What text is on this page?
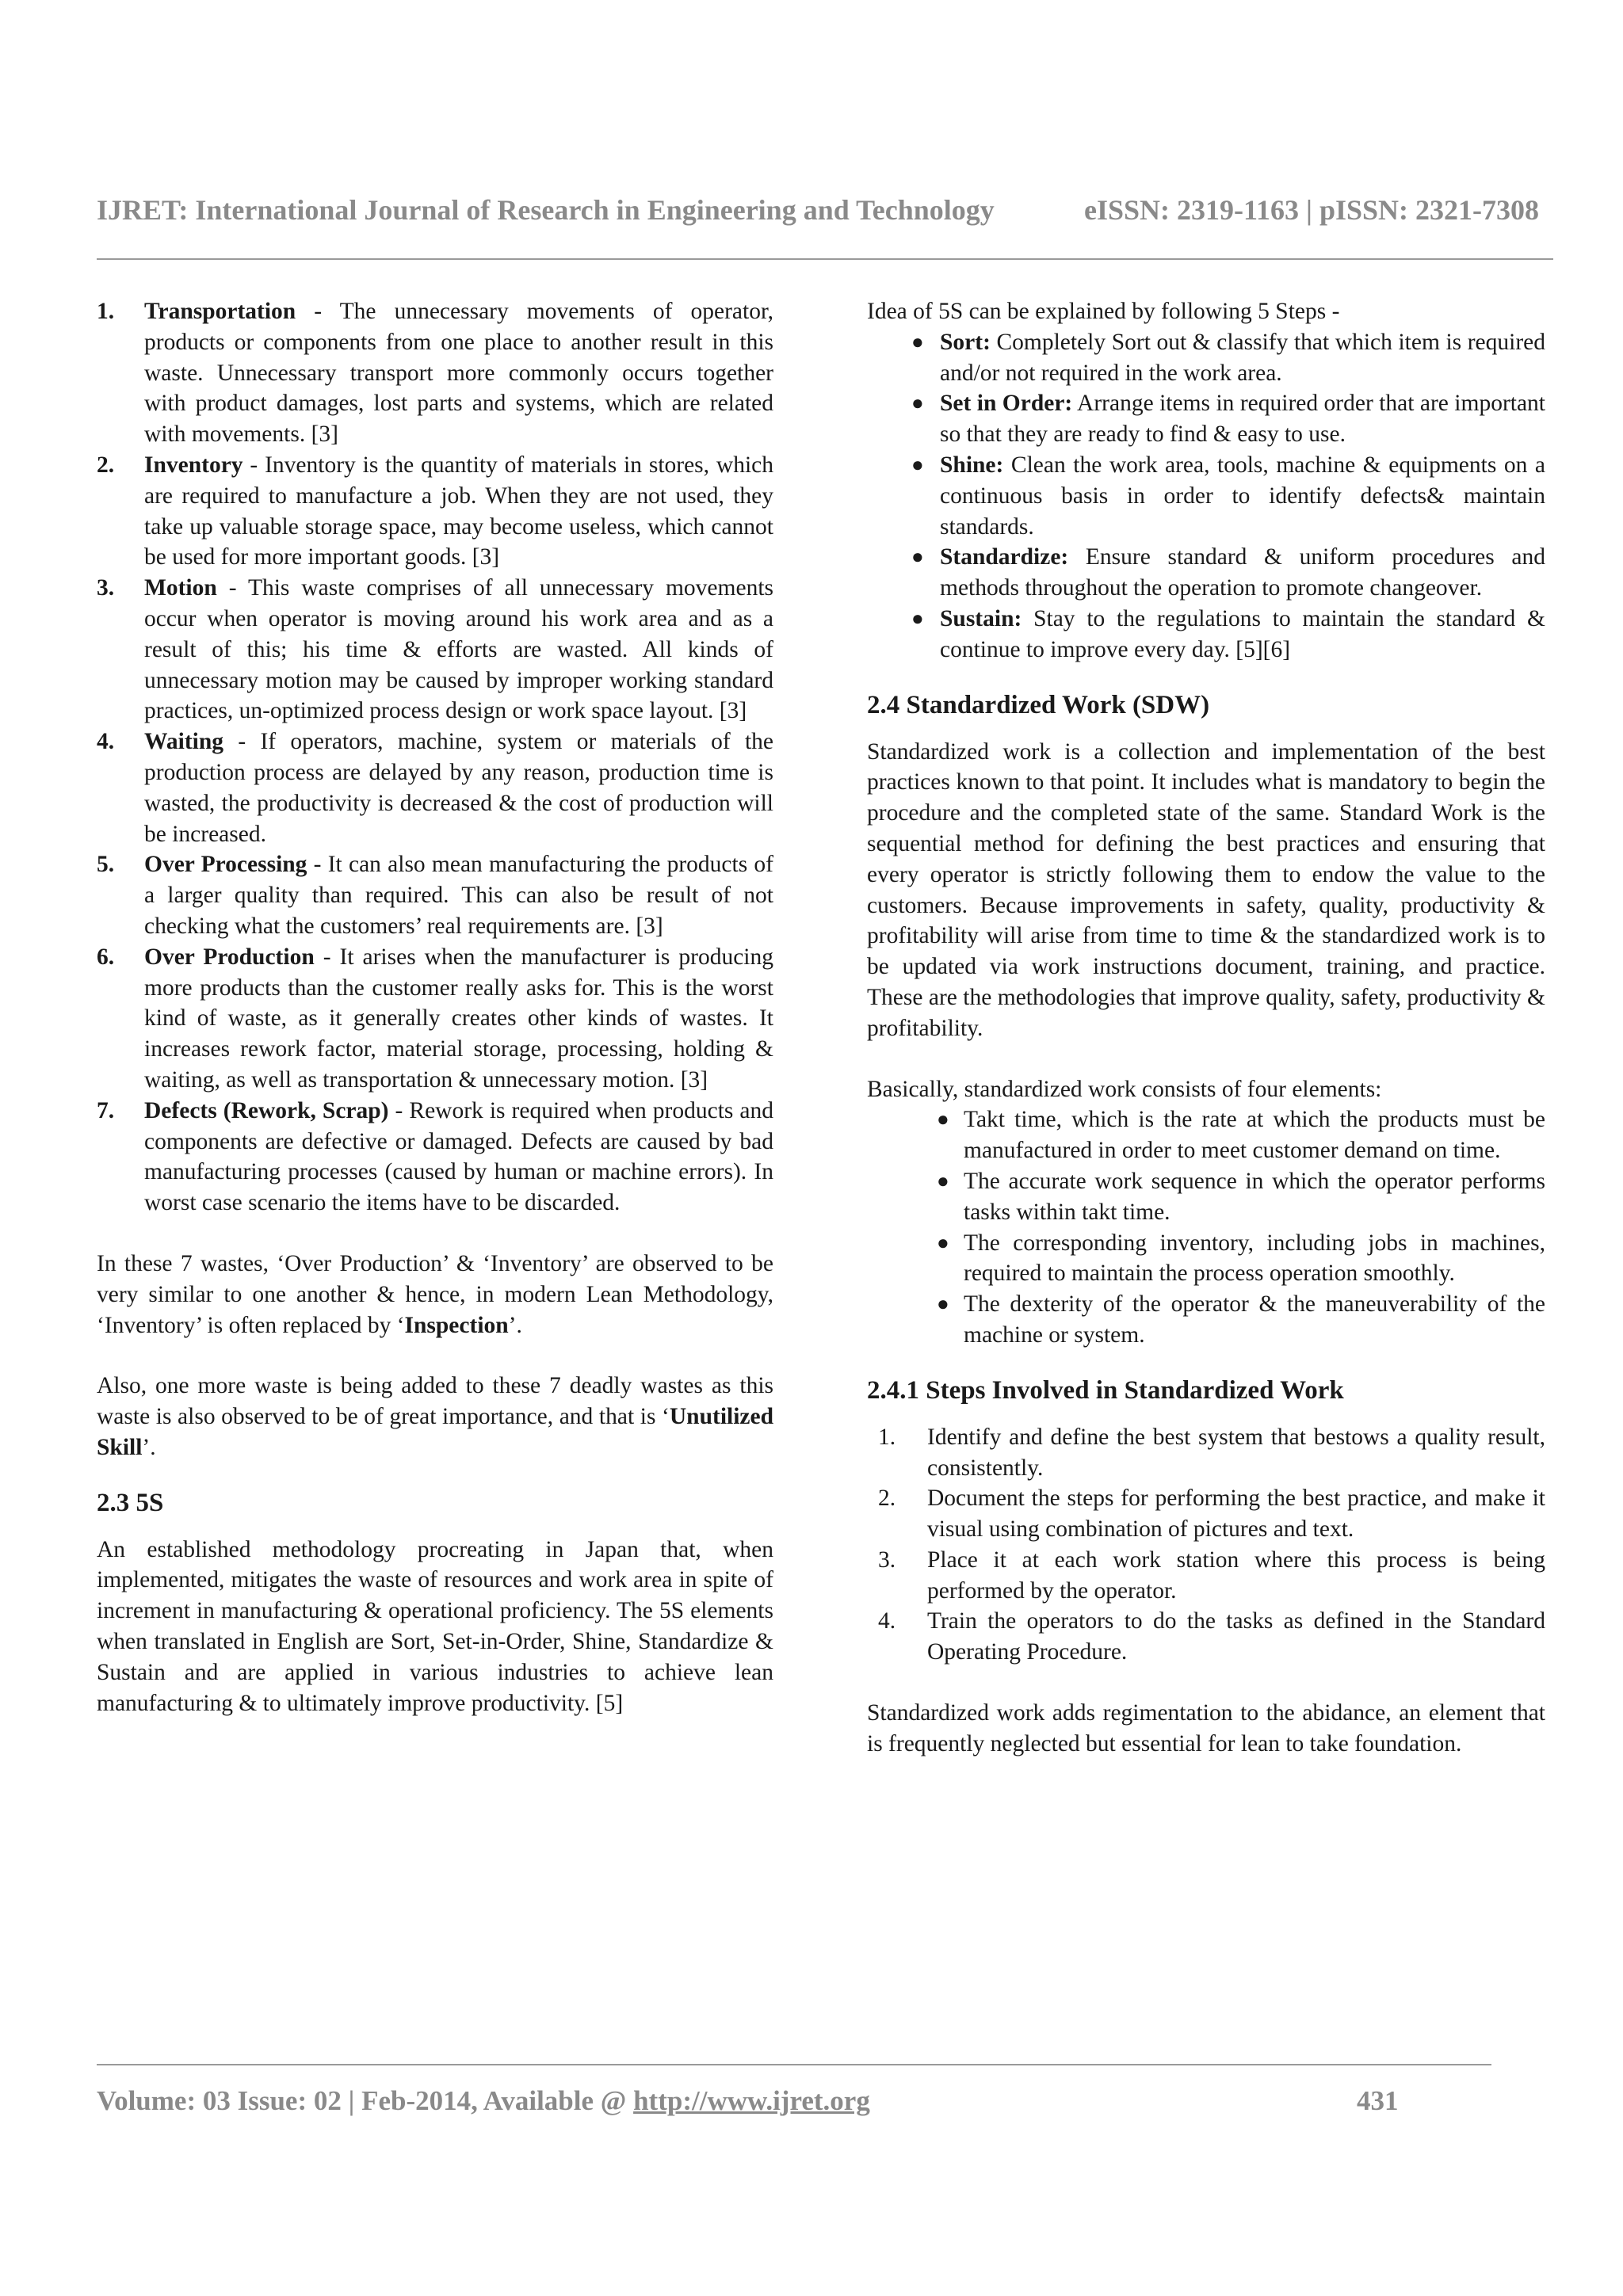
IJRET: International Journal of Research in Engineering and Technology	eISSN: 2319-1163 | pISSN: 2321-7308
1. Transportation - The unnecessary movements of operator, products or components from one place to another result in this waste. Unnecessary transport more commonly occurs together with product damages, lost parts and systems, which are related with movements. [3]
2. Inventory - Inventory is the quantity of materials in stores, which are required to manufacture a job. When they are not used, they take up valuable storage space, may become useless, which cannot be used for more important goods. [3]
3. Motion - This waste comprises of all unnecessary movements occur when operator is moving around his work area and as a result of this; his time & efforts are wasted. All kinds of unnecessary motion may be caused by improper working standard practices, un-optimized process design or work space layout. [3]
4. Waiting - If operators, machine, system or materials of the production process are delayed by any reason, production time is wasted, the productivity is decreased & the cost of production will be increased.
5. Over Processing - It can also mean manufacturing the products of a larger quality than required. This can also be result of not checking what the customers’ real requirements are. [3]
6. Over Production - It arises when the manufacturer is producing more products than the customer really asks for. This is the worst kind of waste, as it generally creates other kinds of wastes. It increases rework factor, material storage, processing, holding & waiting, as well as transportation & unnecessary motion. [3]
7. Defects (Rework, Scrap) - Rework is required when products and components are defective or damaged. Defects are caused by bad manufacturing processes (caused by human or machine errors). In worst case scenario the items have to be discarded.

In these 7 wastes, ‘Over Production’ & ‘Inventory’ are observed to be very similar to one another & hence, in modern Lean Methodology, ‘Inventory’ is often replaced by ‘Inspection’.

Also, one more waste is being added to these 7 deadly wastes as this waste is also observed to be of great importance, and that is ‘Unutilized Skill’.

2.3 5S

An established methodology procreating in Japan that, when implemented, mitigates the waste of resources and work area in spite of increment in manufacturing & operational proficiency. The 5S elements when translated in English are Sort, Set-in-Order, Shine, Standardize & Sustain and are applied in various industries to achieve lean manufacturing & to ultimately improve productivity. [5]

Idea of 5S can be explained by following 5 Steps -

● Sort: Completely Sort out & classify that which item is required and/or not required in the work area.
● Set in Order: Arrange items in required order that are important so that they are ready to find & easy to use.
● Shine: Clean the work area, tools, machine & equipments on a continuous basis in order to identify defects& maintain standards.
● Standardize: Ensure standard & uniform procedures and methods throughout the operation to promote changeover.
● Sustain: Stay to the regulations to maintain the standard & continue to improve every day. [5][6]
2.4 Standardized Work (SDW)

Standardized work is a collection and implementation of the best practices known to that point. It includes what is mandatory to begin the procedure and the completed state of the same. Standard Work is the sequential method for defining the best practices and ensuring that every operator is strictly following them to endow the value to the customers. Because improvements in safety, quality, productivity & profitability will arise from time to time & the standardized work is to be updated via work instructions document, training, and practice. These are the methodologies that improve quality, safety, productivity & profitability.

Basically, standardized work consists of four elements:

● Takt time, which is the rate at which the products must be manufactured in order to meet customer demand on time.
● The accurate work sequence in which the operator performs tasks within takt time.
● The corresponding inventory, including jobs in machines, required to maintain the process operation smoothly.
● The dexterity of the operator & the maneuverability of the machine or system.
2.4.1 Steps Involved in Standardized Work
1. Identify and define the best system that bestows a quality result, consistently.
2. Document the steps for performing the best practice, and make it visual using combination of pictures and text.
3. Place it at each work station where this process is being performed by the operator.
4. Train the operators to do the tasks as defined in the Standard Operating Procedure.

Standardized work adds regimentation to the abidance, an element that is frequently neglected but essential for lean to take foundation.

Volume: 03 Issue: 02 | Feb-2014, Available @ http://www.ijret.org	431
